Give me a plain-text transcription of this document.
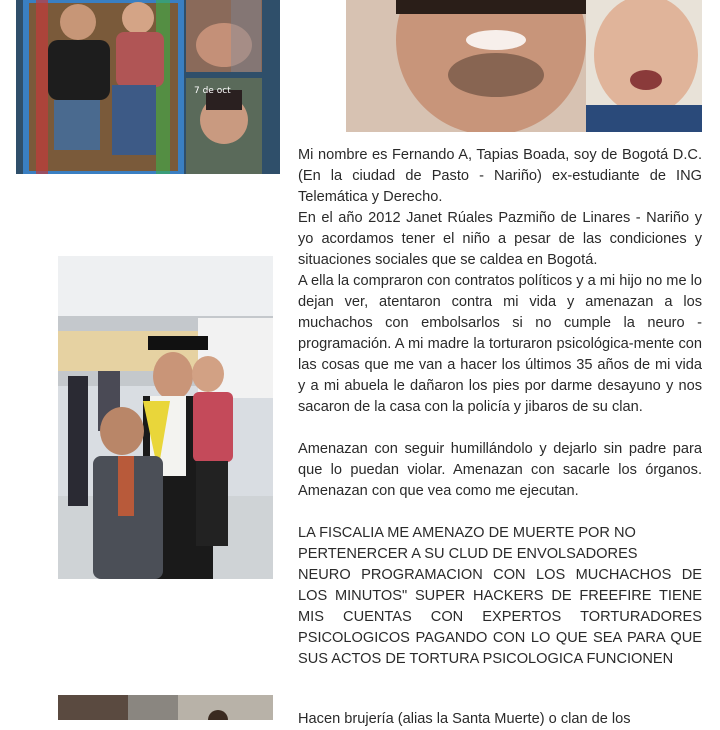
7 de oct

Mi nombre es Fernando A, Tapias Boada, soy de Bogotá D.C. (En la ciudad de Pasto - Nariño) ex-estudiante de ING Telemática y Derecho.

En el año 2012 Janet Rúales Pazmiño de Linares - Nariño y yo acordamos tener el niño a pesar de las condiciones y situaciones sociales que se caldea en Bogotá.

A ella la compraron con contratos políticos y a mi hijo no me lo dejan ver, atentaron contra mi vida y amenazan a los muchachos con embolsarlos si no cumple la neuro - programación. A mi madre la torturaron psicológica-mente con las cosas que me van a hacer los últimos 35 años de mi vida y a mi abuela le dañaron los pies por darme desayuno y nos sacaron de la casa con la policía y jibaros de su clan.

Amenazan con seguir humillándolo y dejarlo sin padre para que lo puedan violar. Amenazan con sacarle los órganos. Amenazan con que vea como me ejecutan.

LA FISCALIA ME AMENAZO DE MUERTE POR NO PERTENERCER A SU CLUD DE ENVOLSADORES

NEURO PROGRAMACION CON LOS MUCHACHOS DE LOS MINUTOS" SUPER HACKERS DE FREEFIRE TIENE MIS CUENTAS CON EXPERTOS TORTURADORES PSICOLOGICOS PAGANDO CON LO QUE SEA PARA QUE SUS ACTOS DE TORTURA PSICOLOGICA FUNCIONEN

Hacen brujería (alias la Santa Muerte) o clan de los
